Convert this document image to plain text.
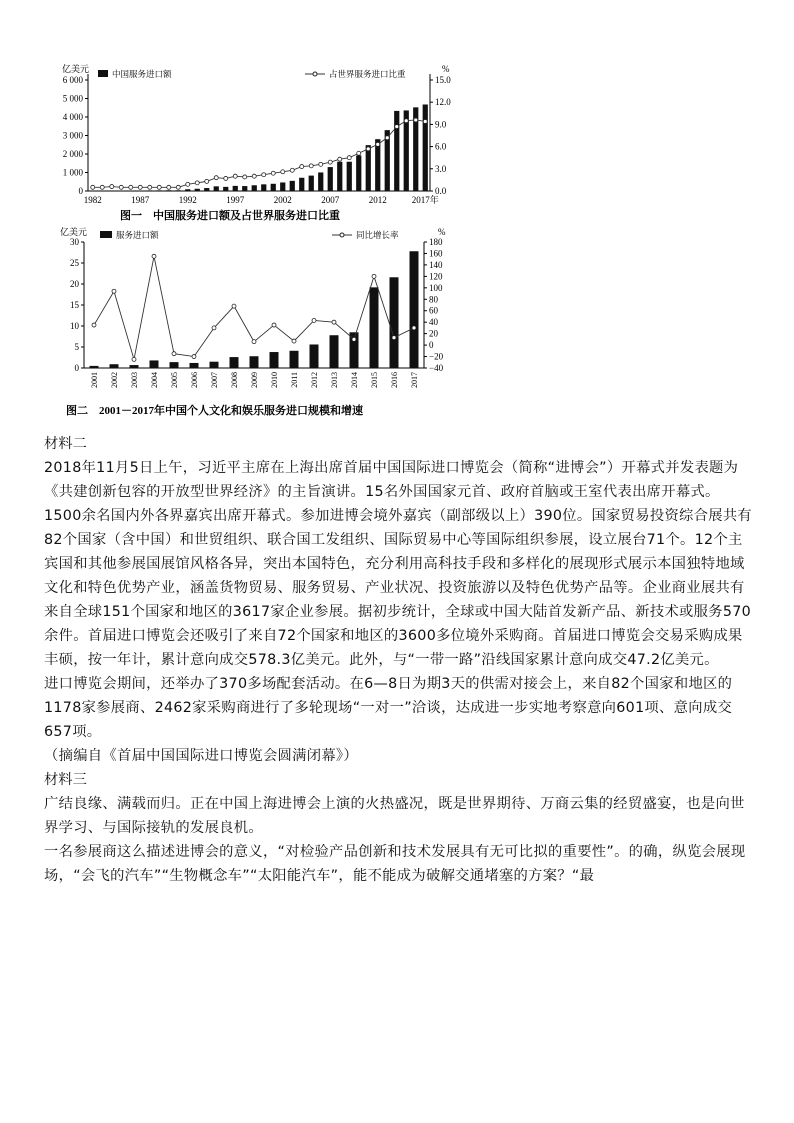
0
1 000
2 000
3 000
4 000
5 000
6 000
0.0
3.0
6.0
9.0
12.0
15.0
亿美元	%
1982	1987	1992	1997	2002	2007	2012	2017年
中国服务进口额	占世界服务进口比重
图一　中国服务进口额及占世界服务进口比重
0
5
10
15
20
25
30
−40
−20
0
20
40
60
80
100
120
140
160
180
亿美元	%
2001 2002 2003 2004 2005 2006 2007 2008 2009 2010 2011 2012 2013 2014 2015 2016 2017
服务进口额	同比增长率
图二　2001－2017年中国个人文化和娱乐服务进口规模和增速

材料二

2018年11月5日上午，习近平主席在上海出席首届中国国际进口博览会（简称“进博会”）开幕式并发表题为《共建创新包容的开放型世界经济》的主旨演讲。15名外国国家元首、政府首脑或王室代表出席开幕式。1500余名国内外各界嘉宾出席开幕式。参加进博会境外嘉宾（副部级以上）390位。国家贸易投资综合展共有82个国家（含中国）和世贸组织、联合国工发组织、国际贸易中心等国际组织参展，设立展台71个。12个主宾国和其他参展国展馆风格各异，突出本国特色，充分利用高科技手段和多样化的展现形式展示本国独特地域文化和特色优势产业，涵盖货物贸易、服务贸易、产业状况、投资旅游以及特色优势产品等。企业商业展共有来自全球151个国家和地区的3617家企业参展。据初步统计，全球或中国大陆首发新产品、新技术或服务570余件。首届进口博览会还吸引了来自72个国家和地区的3600多位境外采购商。首届进口博览会交易采购成果丰硕，按一年计，累计意向成交578.3亿美元。此外，与“一带一路”沿线国家累计意向成交47.2亿美元。

进口博览会期间，还举办了370多场配套活动。在6—8日为期3天的供需对接会上，来自82个国家和地区的1178家参展商、2462家采购商进行了多轮现场“一对一”洽谈，达成进一步实地考察意向601项、意向成交657项。

（摘编自《首届中国国际进口博览会圆满闭幕》）

材料三

广结良缘、满载而归。正在中国上海进博会上演的火热盛况，既是世界期待、万商云集的经贸盛宴，也是向世界学习、与国际接轨的发展良机。

一名参展商这么描述进博会的意义，“对检验产品创新和技术发展具有无可比拟的重要性”。的确，纵览会展现场，“会飞的汽车”“生物概念车”“太阳能汽车”，能不能成为破解交通堵塞的方案？“最
